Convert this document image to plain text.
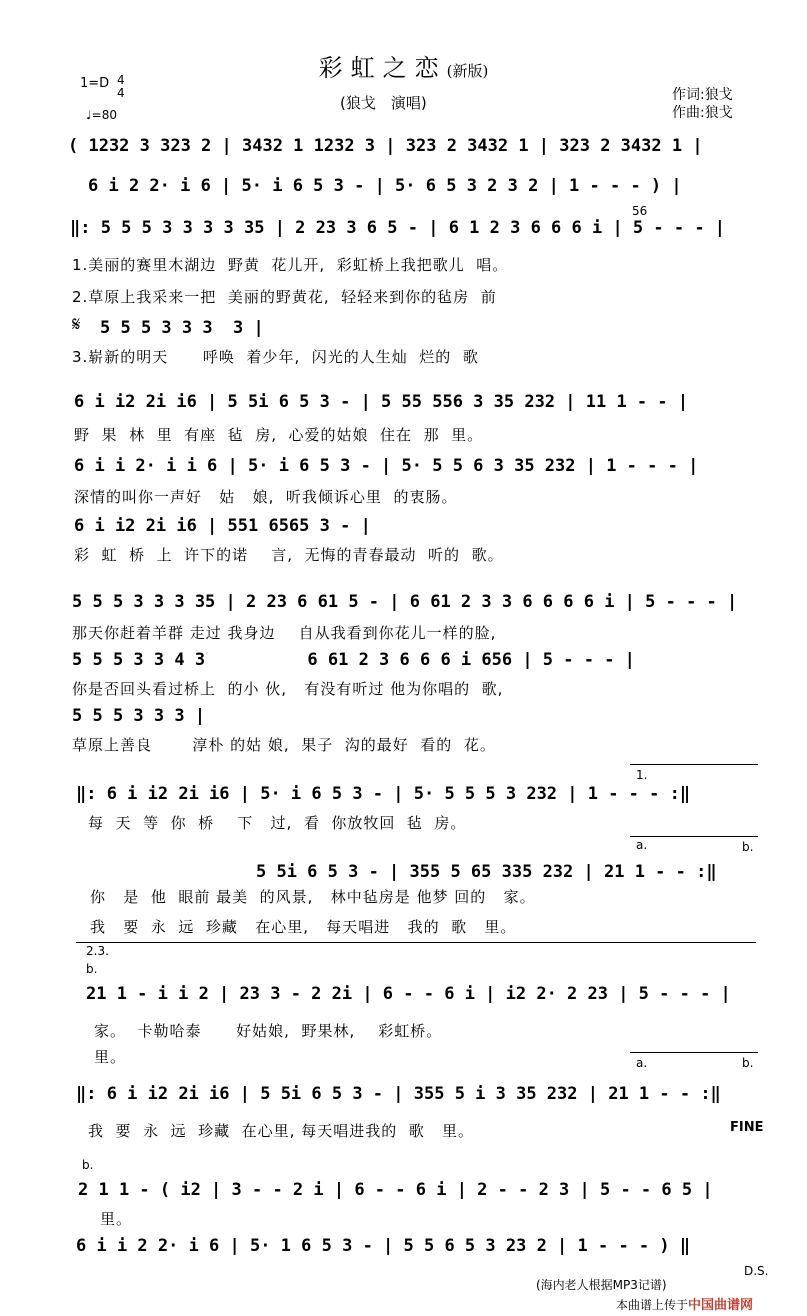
彩虹之恋(新版)
(狼戈　演唱)
1=D 4
4
♩=80
作词:狼戈
作曲:狼戈
( 1232 3 323 2 | 3432 1 1232 3 | 323 2 3432 1 | 323 2 3432 1 |
6 i 2 2· i 6 | 5· i 6 5 3 - | 5· 6 5 3 2 3 2 | 1 - - - ) |
56
‖: 5 5 5 3 3 3 3 35 | 2 23 3 6 5 - | 6 1 2 3 6 6 6 i | 5 - - - |
1.美丽的赛里木湖边  野黄  花儿开,  彩虹桥上我把歌儿  唱。
2.草原上我采来一把  美丽的野黄花,  轻轻来到你的毡房  前
𝄋 5 5 5 3 3 3  3 |
3.崭新的明天      呼唤  着少年,  闪光的人生灿  烂的  歌
6 i i2 2i i6 | 5 5i 6 5 3 - | 5 55 556 3 35 232 | 11 1 - - |
野  果  林  里  有座  毡  房,  心爱的姑娘  住在  那  里。
6 i i 2· i i 6 | 5· i 6 5 3 - | 5· 5 5 6 3 35 232 | 1 - - - |
深情的叫你一声好   姑   娘,  听我倾诉心里  的衷肠。
6 i i2 2i i6 | 551 6565 3 - |
彩  虹  桥  上  许下的诺    言,  无悔的青春最动  听的  歌。
5 5 5 3 3 3 35 | 2 23 6 61 5 - | 6 61 2 3 3 6 6 6 6 i | 5 - - - |
那天你赶着羊群 走过 我身边    自从我看到你花儿一样的脸,
5 5 5 3 3 4 3          6 61 2 3 6 6 6 i 656 | 5 - - - |
你是否回头看过桥上  的小 伙,   有没有听过 他为你唱的  歌,
5 5 5 3 3 3 |
草原上善良       淳朴 的姑 娘,  果子  沟的最好  看的  花。
1.
‖: 6 i i2 2i i6 | 5· i 6 5 3 - | 5· 5 5 5 3 232 | 1 - - - :‖
每  天  等  你  桥    下   过,  看  你放牧回  毡  房。
a.	b.
5 5i 6 5 3 - | 355 5 65 335 232 | 21 1 - - :‖
你   是  他  眼前 最美  的风景,   林中毡房是 他梦 回的   家。
我   要  永  远  珍藏   在心里,   每天唱进   我的  歌   里。
2.3.
b.
21 1 - i i 2 | 23 3 - 2 2i | 6 - - 6 i | i2 2· 2 23 | 5 - - - |
家。  卡勒哈泰      好姑娘,  野果林,    彩虹桥。
里。	a.	b.
‖: 6 i i2 2i i6 | 5 5i 6 5 3 - | 355 5 i 3 35 232 | 21 1 - - :‖
我  要  永  远  珍藏  在心里, 每天唱进我的  歌   里。	FINE
b.
2 1 1 - ( i2 | 3 - - 2 i | 6 - - 6 i | 2 - - 2 3 | 5 - - 6 5 |
里。
6 i i 2 2· i 6 | 5· 1 6 5 3 - | 5 5 6 5 3 23 2 | 1 - - - ) ‖
D.S.
(海内老人根据MP3记谱)
本曲谱上传于中国曲谱网
